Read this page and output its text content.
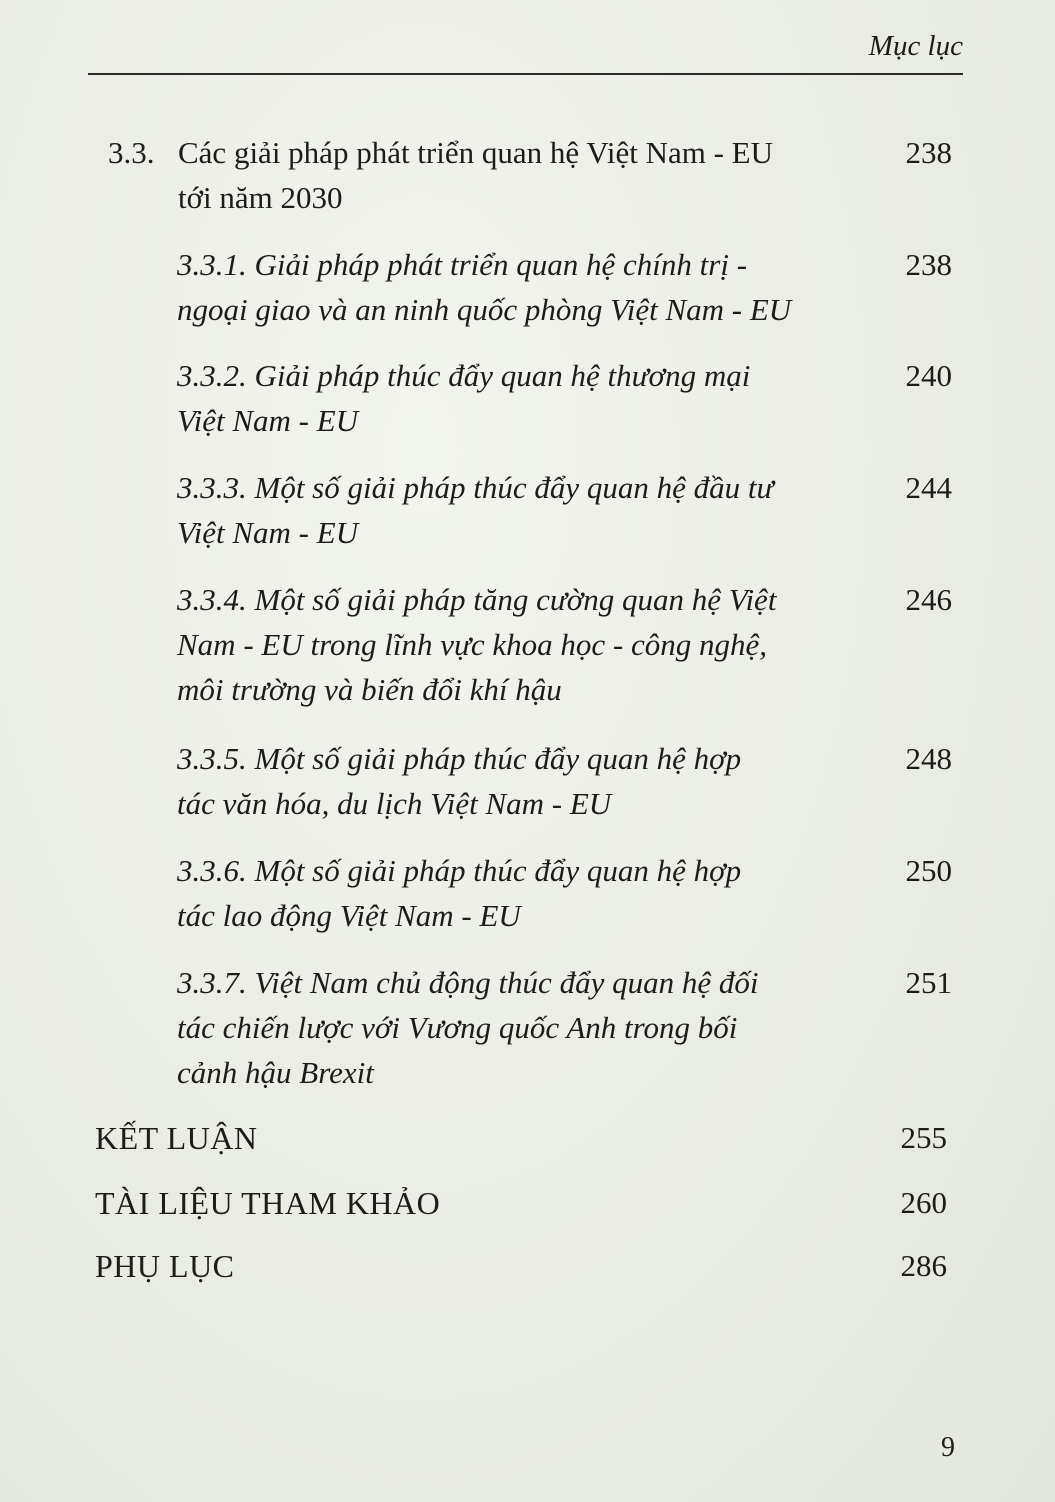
Mục lục
3.3. Các giải pháp phát triển quan hệ Việt Nam - EU
tới năm 2030
238
3.3.1. Giải pháp phát triển quan hệ chính trị -
ngoại giao và an ninh quốc phòng Việt Nam - EU
238
3.3.2. Giải pháp thúc đẩy quan hệ thương mại
Việt Nam - EU
240
3.3.3. Một số giải pháp thúc đẩy quan hệ đầu tư
Việt Nam - EU
244
3.3.4. Một số giải pháp tăng cường quan hệ Việt
Nam - EU trong lĩnh vực khoa học - công nghệ,
môi trường và biến đổi khí hậu
246
3.3.5. Một số giải pháp thúc đẩy quan hệ hợp
tác văn hóa, du lịch Việt Nam - EU
248
3.3.6. Một số giải pháp thúc đẩy quan hệ hợp
tác lao động Việt Nam - EU
250
3.3.7. Việt Nam chủ động thúc đẩy quan hệ đối
tác chiến lược với Vương quốc Anh trong bối
cảnh hậu Brexit
251
KẾT LUẬN	255
TÀI LIỆU THAM KHẢO	260
PHỤ LỤC	286
9
